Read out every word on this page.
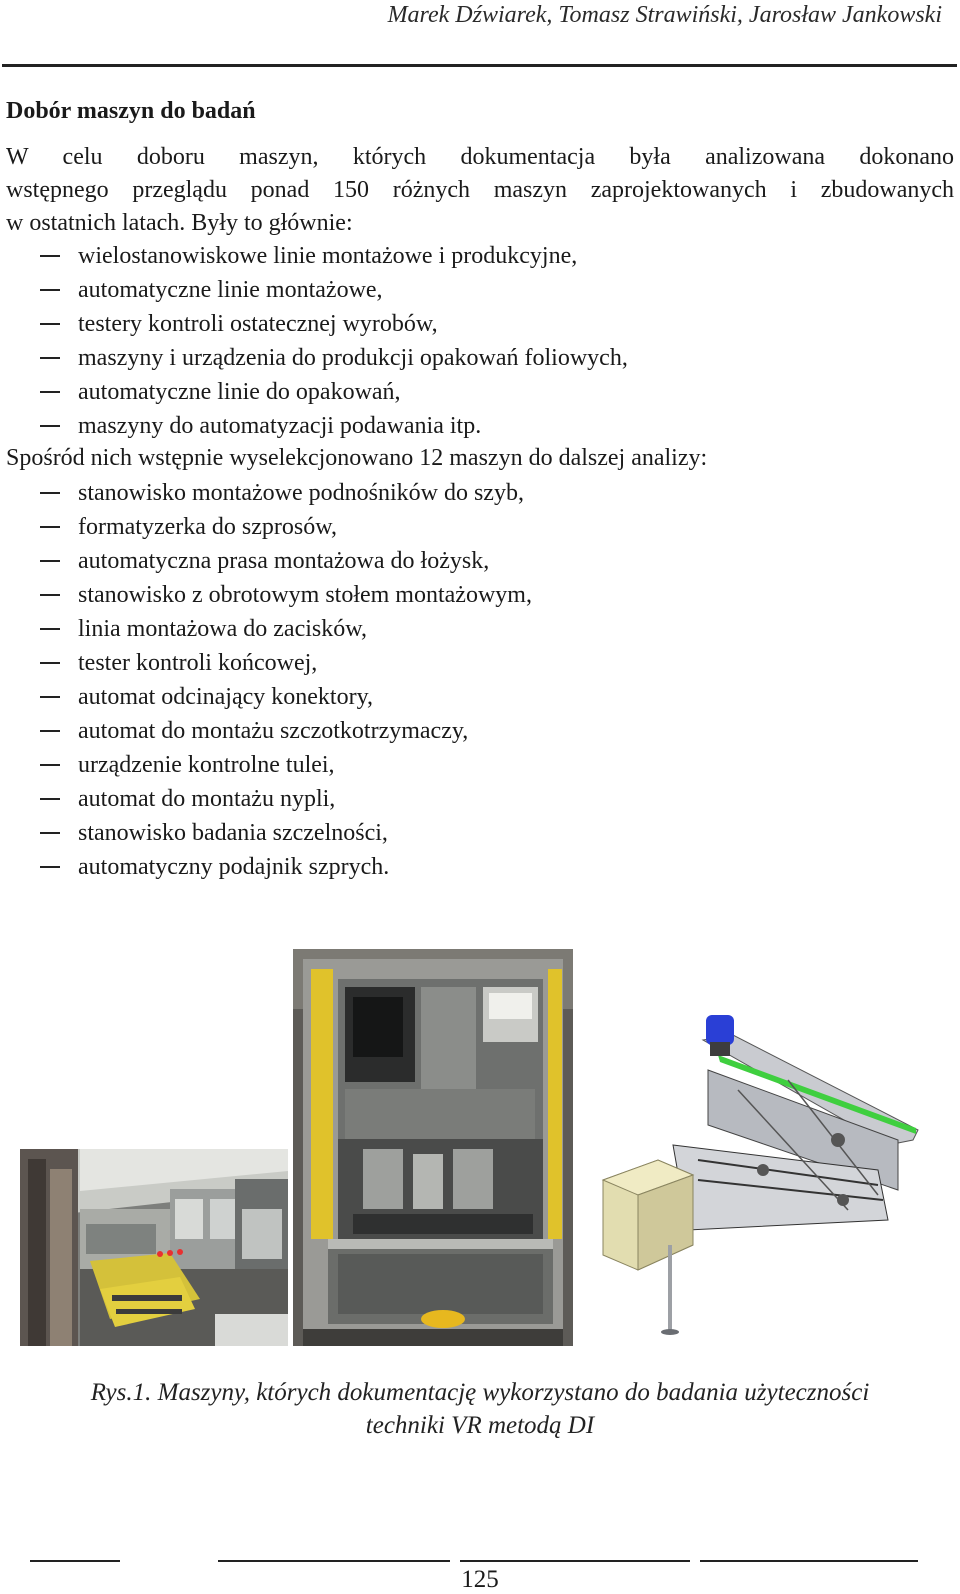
Marek Dźwiarek, Tomasz Strawiński, Jarosław Jankowski
Dobór maszyn do badań
W celu doboru maszyn, których dokumentacja była analizowana dokonano
wstępnego przeglądu ponad 150 różnych maszyn zaprojektowanych i zbudowanych
w ostatnich latach. Były to głównie:
wielostanowiskowe linie montażowe i produkcyjne,
automatyczne linie montażowe,
testery kontroli ostatecznej wyrobów,
maszyny i urządzenia do produkcji opakowań foliowych,
automatyczne linie do opakowań,
maszyny do automatyzacji podawania itp.
Spośród nich wstępnie wyselekcjonowano 12 maszyn do dalszej analizy:
stanowisko montażowe podnośników do szyb,
formatyzerka do szprosów,
automatyczna prasa montażowa do łożysk,
stanowisko z obrotowym stołem montażowym,
linia montażowa do zacisków,
tester kontroli końcowej,
automat odcinający konektory,
automat do montażu szczotkotrzymaczy,
urządzenie kontrolne tulei,
automat do montażu nypli,
stanowisko badania szczelności,
automatyczny podajnik szprych.
Rys.1. Maszyny, których dokumentację wykorzystano do badania użyteczności
techniki VR metodą DI
125
